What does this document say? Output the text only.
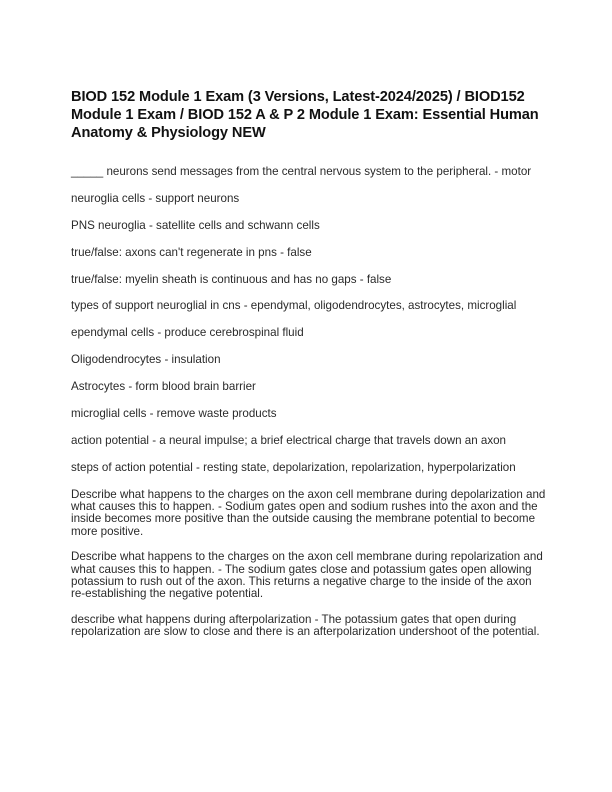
BIOD 152 Module 1 Exam (3 Versions, Latest-2024/2025) / BIOD152 Module 1 Exam / BIOD 152 A & P 2 Module 1 Exam: Essential Human Anatomy & Physiology NEW

_____ neurons send messages from the central nervous system to the peripheral. - motor

neuroglia cells - support neurons

PNS neuroglia - satellite cells and schwann cells

true/false: axons can't regenerate in pns - false

true/false: myelin sheath is continuous and has no gaps - false

types of support neuroglial in cns - ependymal, oligodendrocytes, astrocytes, microglial

ependymal cells - produce cerebrospinal fluid

Oligodendrocytes - insulation

Astrocytes - form blood brain barrier

microglial cells - remove waste products

action potential - a neural impulse; a brief electrical charge that travels down an axon

steps of action potential - resting state, depolarization, repolarization, hyperpolarization

Describe what happens to the charges on the axon cell membrane during depolarization and what causes this to happen. - Sodium gates open and sodium rushes into the axon and the inside becomes more positive than the outside causing the membrane potential to become more positive.

Describe what happens to the charges on the axon cell membrane during repolarization and what causes this to happen. - The sodium gates close and potassium gates open allowing potassium to rush out of the axon. This returns a negative charge to the inside of the axon re-establishing the negative potential.

describe what happens during afterpolarization - The potassium gates that open during repolarization are slow to close and there is an afterpolarization undershoot of the potential.
